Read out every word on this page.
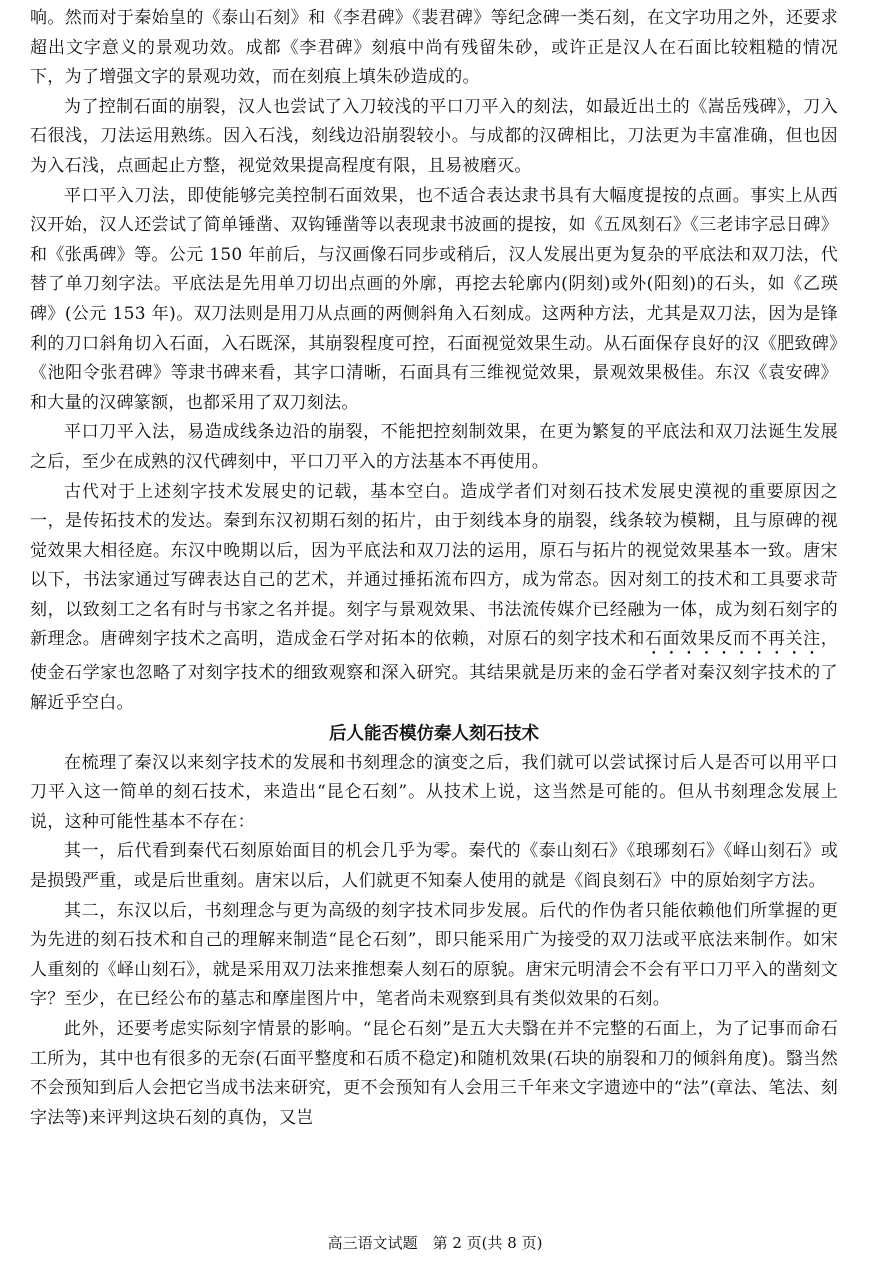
响。然而对于秦始皇的《泰山石刻》和《李君碑》《裴君碑》等纪念碑一类石刻，在文字功用之外，还要求超出文字意义的景观功效。成都《李君碑》刻痕中尚有残留朱砂，或许正是汉人在石面比较粗糙的情况下，为了增强文字的景观功效，而在刻痕上填朱砂造成的。

为了控制石面的崩裂，汉人也尝试了入刀较浅的平口刀平入的刻法，如最近出土的《嵩岳残碑》，刀入石很浅，刀法运用熟练。因入石浅，刻线边沿崩裂较小。与成都的汉碑相比，刀法更为丰富准确，但也因为入石浅，点画起止方整，视觉效果提高程度有限，且易被磨灭。

平口平入刀法，即使能够完美控制石面效果，也不适合表达隶书具有大幅度提按的点画。事实上从西汉开始，汉人还尝试了简单锤凿、双钩锤凿等以表现隶书波画的提按，如《五凤刻石》《三老讳字忌日碑》和《张禹碑》等。公元 150 年前后，与汉画像石同步或稍后，汉人发展出更为复杂的平底法和双刀法，代替了单刀刻字法。平底法是先用单刀切出点画的外廓，再挖去轮廓内(阴刻)或外(阳刻)的石头，如《乙瑛碑》(公元 153 年)。双刀法则是用刀从点画的两侧斜角入石刻成。这两种方法，尤其是双刀法，因为是锋利的刀口斜角切入石面，入石既深，其崩裂程度可控，石面视觉效果生动。从石面保存良好的汉《肥致碑》《池阳令张君碑》等隶书碑来看，其字口清晰，石面具有三维视觉效果，景观效果极佳。东汉《袁安碑》和大量的汉碑篆额，也都采用了双刀刻法。

平口刀平入法，易造成线条边沿的崩裂，不能把控刻制效果，在更为繁复的平底法和双刀法诞生发展之后，至少在成熟的汉代碑刻中，平口刀平入的方法基本不再使用。

古代对于上述刻字技术发展史的记载，基本空白。造成学者们对刻石技术发展史漠视的重要原因之一，是传拓技术的发达。秦到东汉初期石刻的拓片，由于刻线本身的崩裂，线条较为模糊，且与原碑的视觉效果大相径庭。东汉中晚期以后，因为平底法和双刀法的运用，原石与拓片的视觉效果基本一致。唐宋以下，书法家通过写碑表达自己的艺术，并通过捶拓流布四方，成为常态。因对刻工的技术和工具要求苛刻，以致刻工之名有时与书家之名并提。刻字与景观效果、书法流传媒介已经融为一体，成为刻石刻字的新理念。唐碑刻字技术之高明，造成金石学对拓本的依赖，对原石的刻字技术和石面效果反而不再关注，使金石学家也忽略了对刻字技术的细致观察和深入研究。其结果就是历来的金石学者对秦汉刻字技术的了解近乎空白。

后人能否模仿秦人刻石技术

在梳理了秦汉以来刻字技术的发展和书刻理念的演变之后，我们就可以尝试探讨后人是否可以用平口刀平入这一简单的刻石技术，来造出“昆仑石刻”。从技术上说，这当然是可能的。但从书刻理念发展上说，这种可能性基本不存在：

其一，后代看到秦代石刻原始面目的机会几乎为零。秦代的《泰山刻石》《琅琊刻石》《峄山刻石》或是损毁严重，或是后世重刻。唐宋以后，人们就更不知秦人使用的就是《阎良刻石》中的原始刻字方法。

其二，东汉以后，书刻理念与更为高级的刻字技术同步发展。后代的作伪者只能依赖他们所掌握的更为先进的刻石技术和自己的理解来制造“昆仑石刻”，即只能采用广为接受的双刀法或平底法来制作。如宋人重刻的《峄山刻石》，就是采用双刀法来推想秦人刻石的原貌。唐宋元明清会不会有平口刀平入的凿刻文字？至少，在已经公布的墓志和摩崖图片中，笔者尚未观察到具有类似效果的石刻。

此外，还要考虑实际刻字情景的影响。“昆仑石刻”是五大夫翳在并不完整的石面上，为了记事而命石工所为，其中也有很多的无奈(石面平整度和石质不稳定)和随机效果(石块的崩裂和刀的倾斜角度)。翳当然不会预知到后人会把它当成书法来研究，更不会预知有人会用三千年来文字遗迹中的“法”(章法、笔法、刻字法等)来评判这块石刻的真伪，又岂

高三语文试题　第 2 页(共 8 页)
